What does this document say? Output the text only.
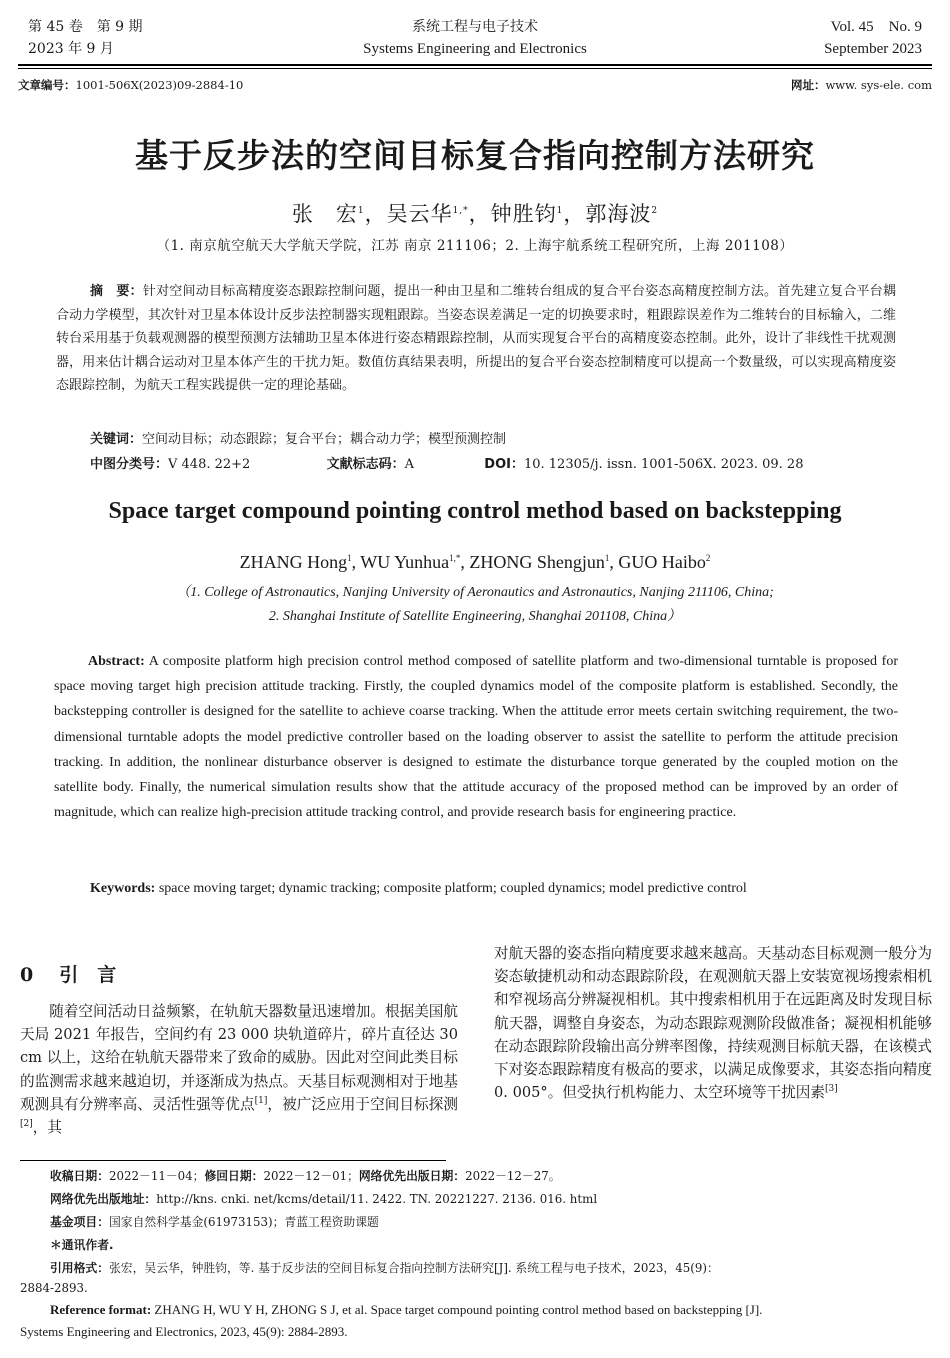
第 45 卷　第 9 期
2023 年 9 月
系统工程与电子技术
Systems Engineering and Electronics
Vol. 45　No. 9
September 2023
文章编号：1001-506X(2023)09-2884-10	网址：www. sys-ele. com
基于反步法的空间目标复合指向控制方法研究
张　宏$^1$，吴云华$^{1,*}$，钟胜钧$^1$，郭海波$^2$
（1. 南京航空航天大学航天学院，江苏 南京 211106；2. 上海宇航系统工程研究所，上海 201108）
摘　要：针对空间动目标高精度姿态跟踪控制问题，提出一种由卫星和二维转台组成的复合平台姿态高精度控制方法。首先建立复合平台耦合动力学模型，其次针对卫星本体设计反步法控制器实现粗跟踪。当姿态误差满足一定的切换要求时，粗跟踪误差作为二维转台的目标输入，二维转台采用基于负载观测器的模型预测方法辅助卫星本体进行姿态精跟踪控制，从而实现复合平台的高精度姿态控制。此外，设计了非线性干扰观测器，用来估计耦合运动对卫星本体产生的干扰力矩。数值仿真结果表明，所提出的复合平台姿态控制精度可以提高一个数量级，可以实现高精度姿态跟踪控制，为航天工程实践提供一定的理论基础。
关键词：空间动目标；动态跟踪；复合平台；耦合动力学；模型预测控制
中图分类号：V 448. 22+2	文献标志码：A	DOI：10. 12305/j. issn. 1001-506X. 2023. 09. 28
Space target compound pointing control method based on backstepping
ZHANG Hong$^1$, WU Yunhua$^{1,*}$, ZHONG Shengjun$^1$, GUO Haibo$^2$
（1. College of Astronautics, Nanjing University of Aeronautics and Astronautics, Nanjing 211106, China;
2. Shanghai Institute of Satellite Engineering, Shanghai 201108, China）
Abstract: A composite platform high precision control method composed of satellite platform and two-dimensional turntable is proposed for space moving target high precision attitude tracking. Firstly, the coupled dynamics model of the composite platform is established. Secondly, the backstepping controller is designed for the satellite to achieve coarse tracking. When the attitude error meets certain switching requirement, the two-dimensional turntable adopts the model predictive controller based on the loading observer to assist the satellite to perform the attitude precision tracking. In addition, the nonlinear disturbance observer is designed to estimate the disturbance torque generated by the coupled motion on the satellite body. Finally, the numerical simulation results show that the attitude accuracy of the proposed method can be improved by an order of magnitude, which can realize high-precision attitude tracking control, and provide research basis for engineering practice.
Keywords: space moving target; dynamic tracking; composite platform; coupled dynamics; model predictive control
0 引　言
随着空间活动日益频繁，在轨航天器数量迅速增加。根据美国航天局 2021 年报告，空间约有 23 000 块轨道碎片，碎片直径达 30 cm 以上，这给在轨航天器带来了致命的威胁。因此对空间此类目标的监测需求越来越迫切，并逐渐成为热点。天基目标观测相对于地基观测具有分辨率高、灵活性强等优点[1]，被广泛应用于空间目标探测[2]，其
对航天器的姿态指向精度要求越来越高。天基动态目标观测一般分为姿态敏捷机动和动态跟踪阶段，在观测航天器上安装宽视场搜索相机和窄视场高分辨凝视相机。其中搜索相机用于在远距离及时发现目标航天器，调整自身姿态，为动态跟踪观测阶段做准备；凝视相机能够在动态跟踪阶段输出高分辨率图像，持续观测目标航天器，在该模式下对姿态跟踪精度有极高的要求，以满足成像要求，其姿态指向精度 0. 005°。但受执行机构能力、太空环境等干扰因素[3]
收稿日期：2022－11－04；修回日期：2022－12－01；网络优先出版日期：2022－12－27。
网络优先出版地址：http://kns. cnki. net/kcms/detail/11. 2422. TN. 20221227. 2136. 016. html
基金项目：国家自然科学基金(61973153)；青蓝工程资助课题
＊通讯作者.
引用格式：张宏，吴云华，钟胜钧，等. 基于反步法的空间目标复合指向控制方法研究[J]. 系统工程与电子技术，2023，45(9)：
2884-2893.
Reference format: ZHANG H, WU Y H, ZHONG S J, et al. Space target compound pointing control method based on backstepping [J].
Systems Engineering and Electronics, 2023, 45(9): 2884-2893.
